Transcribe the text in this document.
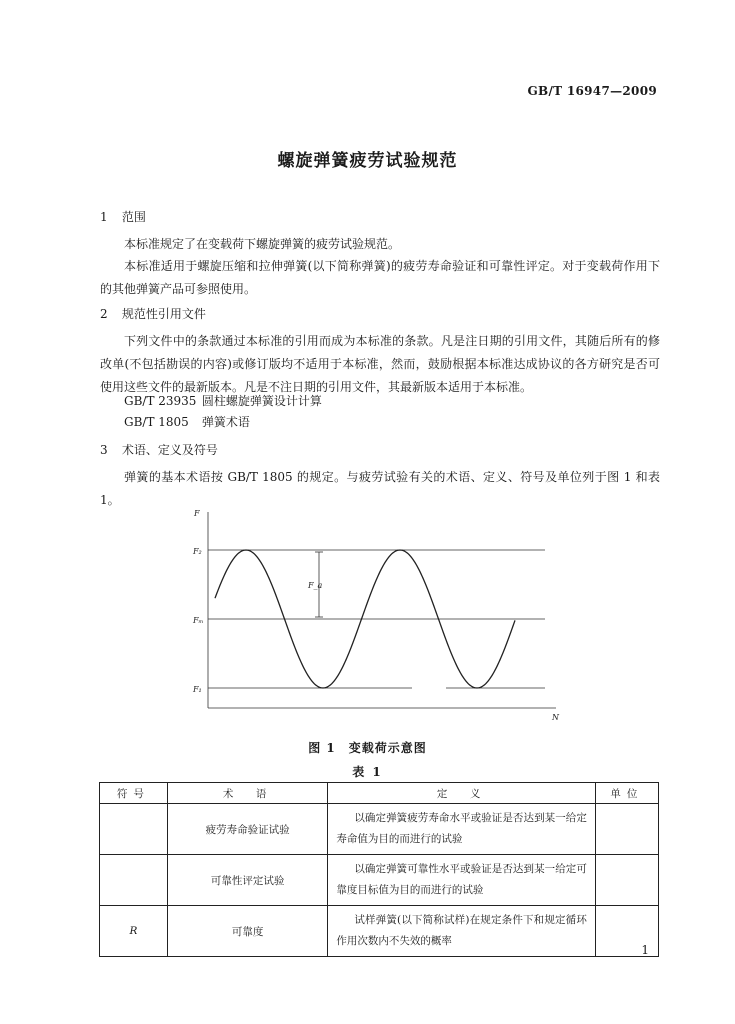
GB/T 16947—2009
螺旋弹簧疲劳试验规范
1 范围
本标准规定了在变载荷下螺旋弹簧的疲劳试验规范。
本标准适用于螺旋压缩和拉伸弹簧(以下简称弹簧)的疲劳寿命验证和可靠性评定。对于变载荷作用下的其他弹簧产品可参照使用。
2 规范性引用文件
下列文件中的条款通过本标准的引用而成为本标准的条款。凡是注日期的引用文件，其随后所有的修改单(不包括勘误的内容)或修订版均不适用于本标准，然而，鼓励根据本标准达成协议的各方研究是否可使用这些文件的最新版本。凡是不注日期的引用文件，其最新版本适用于本标准。
GB/T 23935 圆柱螺旋弹簧设计计算
GB/T 1805 弹簧术语
3 术语、定义及符号
弹簧的基本术语按 GB/T 1805 的规定。与疲劳试验有关的术语、定义、符号及单位列于图 1 和表 1。
F
N
F₂
Fₘ
F₁
F_a
图 1　变载荷示意图
表 1
符号	术　语	定　义	单位
	疲劳寿命验证试验	以确定弹簧疲劳寿命水平或验证是否达到某一给定寿命值为目的而进行的试验	
	可靠性评定试验	以确定弹簧可靠性水平或验证是否达到某一给定可靠度目标值为目的而进行的试验	
R	可靠度	试样弹簧(以下简称试样)在规定条件下和规定循环作用次数内不失效的概率	
1
